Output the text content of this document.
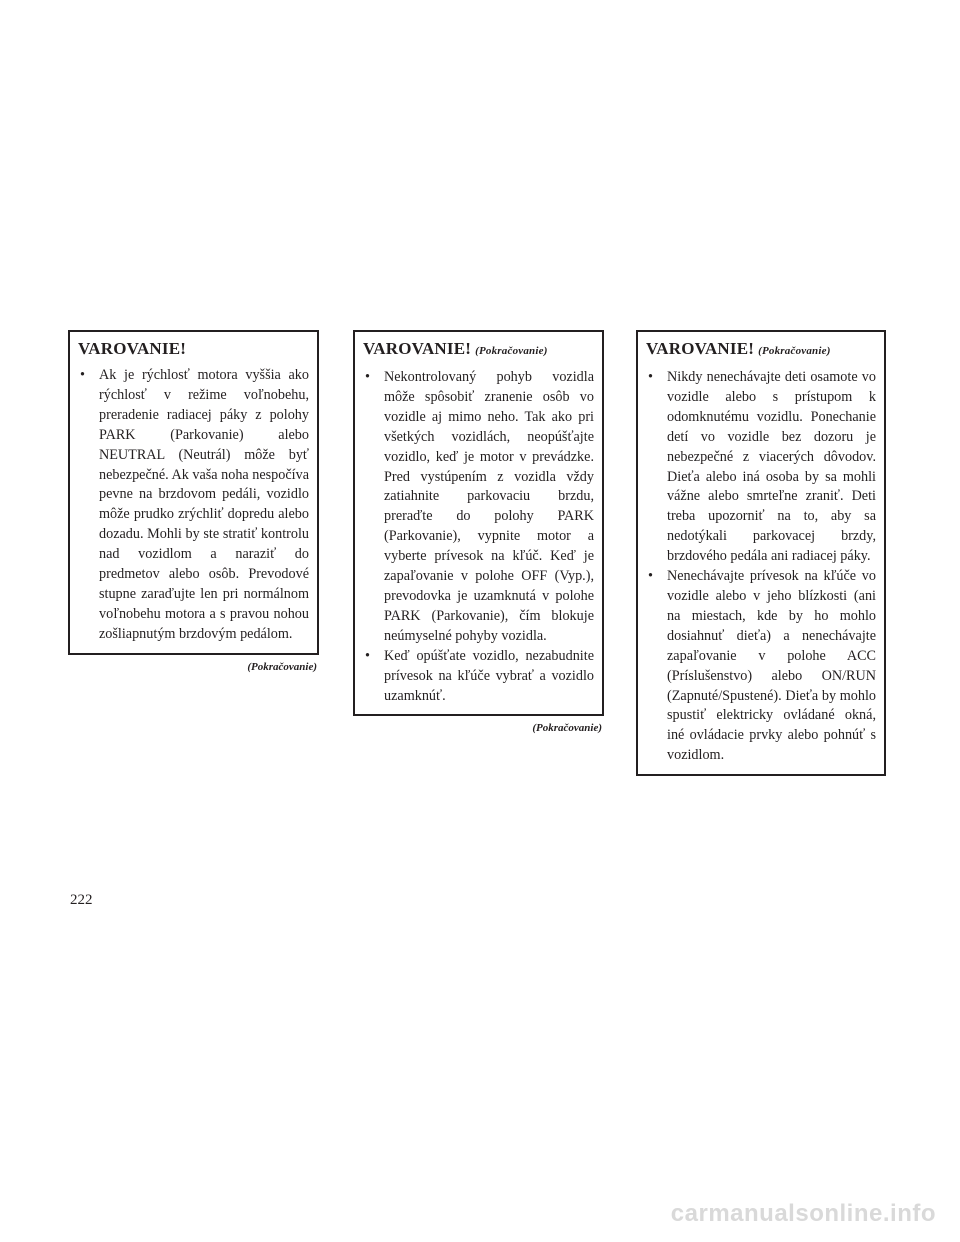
VAROVANIE!
• Ak je rýchlosť motora vyššia ako rýchlosť v režime voľnobehu, preradenie radiacej páky z polohy PARK (Parkovanie) alebo NEUTRAL (Neutrál) môže byť nebezpečné. Ak vaša noha nespočíva pevne na brzdovom pedáli, vozidlo môže prudko zrýchliť dopredu alebo dozadu. Mohli by ste stratiť kontrolu nad vozidlom a naraziť do predmetov alebo osôb. Prevodové stupne zaraďujte len pri normálnom voľnobehu motora a s pravou nohou zošliapnutým brzdovým pedálom.
(Pokračovanie)
VAROVANIE! (Pokračovanie)
• Nekontrolovaný pohyb vozidla môže spôsobiť zranenie osôb vo vozidle aj mimo neho. Tak ako pri všetkých vozidlách, neopúšťajte vozidlo, keď je motor v prevádzke. Pred vystúpením z vozidla vždy zatiahnite parkovaciu brzdu, preraďte do polohy PARK (Parkovanie), vypnite motor a vyberte prívesok na kľúč. Keď je zapaľovanie v polohe OFF (Vyp.), prevodovka je uzamknutá v polohe PARK (Parkovanie), čím blokuje neúmyselné pohyby vozidla.
• Keď opúšťate vozidlo, nezabudnite prívesok na kľúče vybrať a vozidlo uzamknúť.
(Pokračovanie)
VAROVANIE! (Pokračovanie)
• Nikdy nenechávajte deti osamote vo vozidle alebo s prístupom k odomknutému vozidlu. Ponechanie detí vo vozidle bez dozoru je nebezpečné z viacerých dôvodov. Dieťa alebo iná osoba by sa mohli vážne alebo smrteľne zraniť. Deti treba upozorniť na to, aby sa nedotýkali parkovacej brzdy, brzdového pedála ani radiacej páky.
• Nenechávajte prívesok na kľúče vo vozidle alebo v jeho blízkosti (ani na miestach, kde by ho mohlo dosiahnuť dieťa) a nenechávajte zapaľovanie v polohe ACC (Príslušenstvo) alebo ON/RUN (Zapnuté/Spustené). Dieťa by mohlo spustiť elektricky ovládané okná, iné ovládacie prvky alebo pohnúť s vozidlom.
222
carmanualsonline.info
